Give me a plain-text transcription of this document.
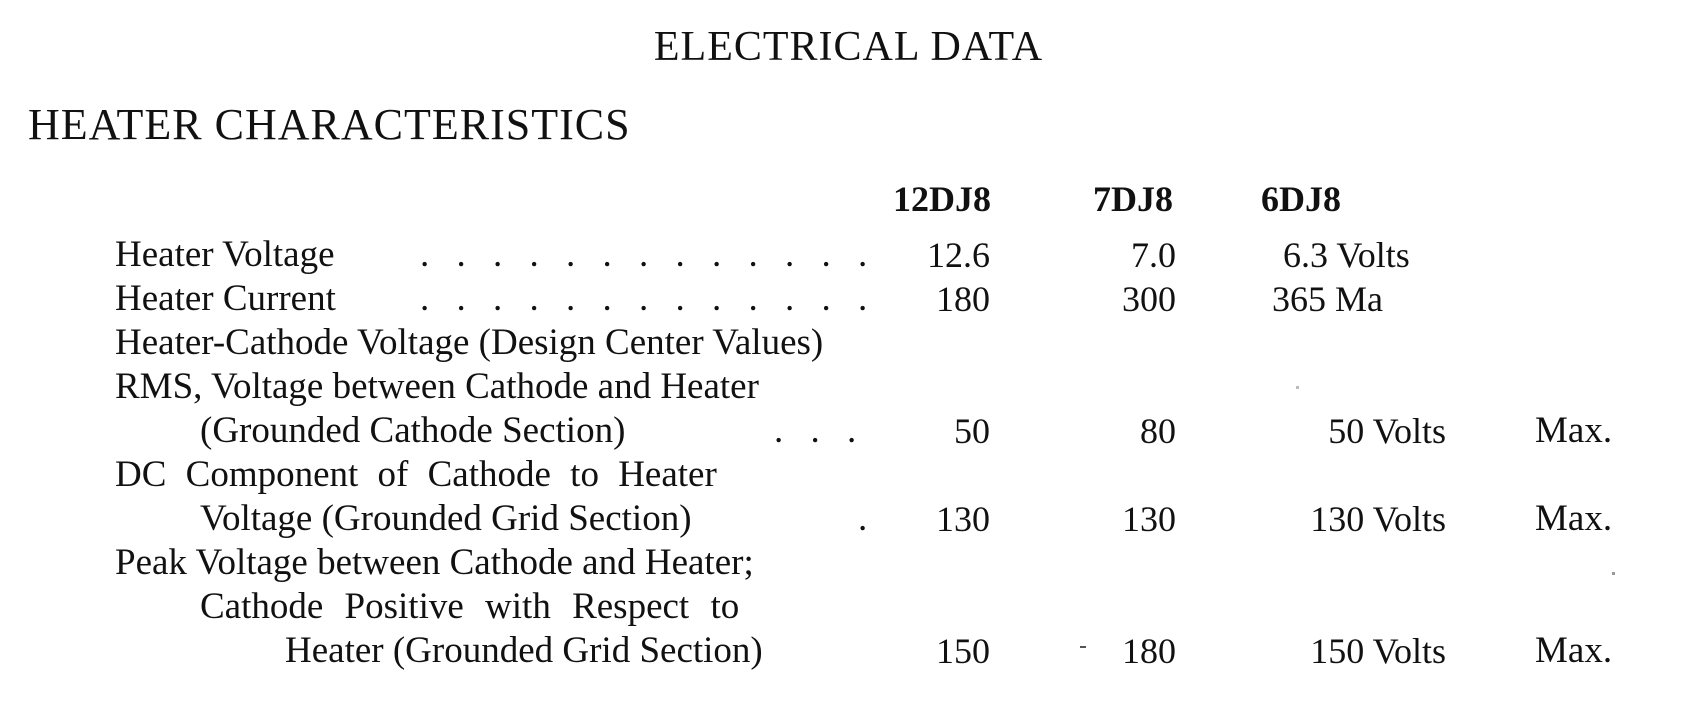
ELECTRICAL DATA
HEATER CHARACTERISTICS
12DJ8	7DJ8 6DJ8
Heater Voltage . . . . . . . . . . . . .	12.6	7.0	6.3 Volts
Heater Current . . . . . . . . . . . . .	180	300	365 Ma
Heater-Cathode Voltage (Design Center Values)
RMS, Voltage between Cathode and Heater
(Grounded Cathode Section)	. . .	50	80	50 Volts Max.
DC Component of Cathode to Heater
Voltage (Grounded Grid Section)	.	130	130	130 Volts Max.
Peak Voltage between Cathode and Heater;
Cathode Positive with Respect to
Heater (Grounded Grid Section)	150	180	150 Volts Max.
